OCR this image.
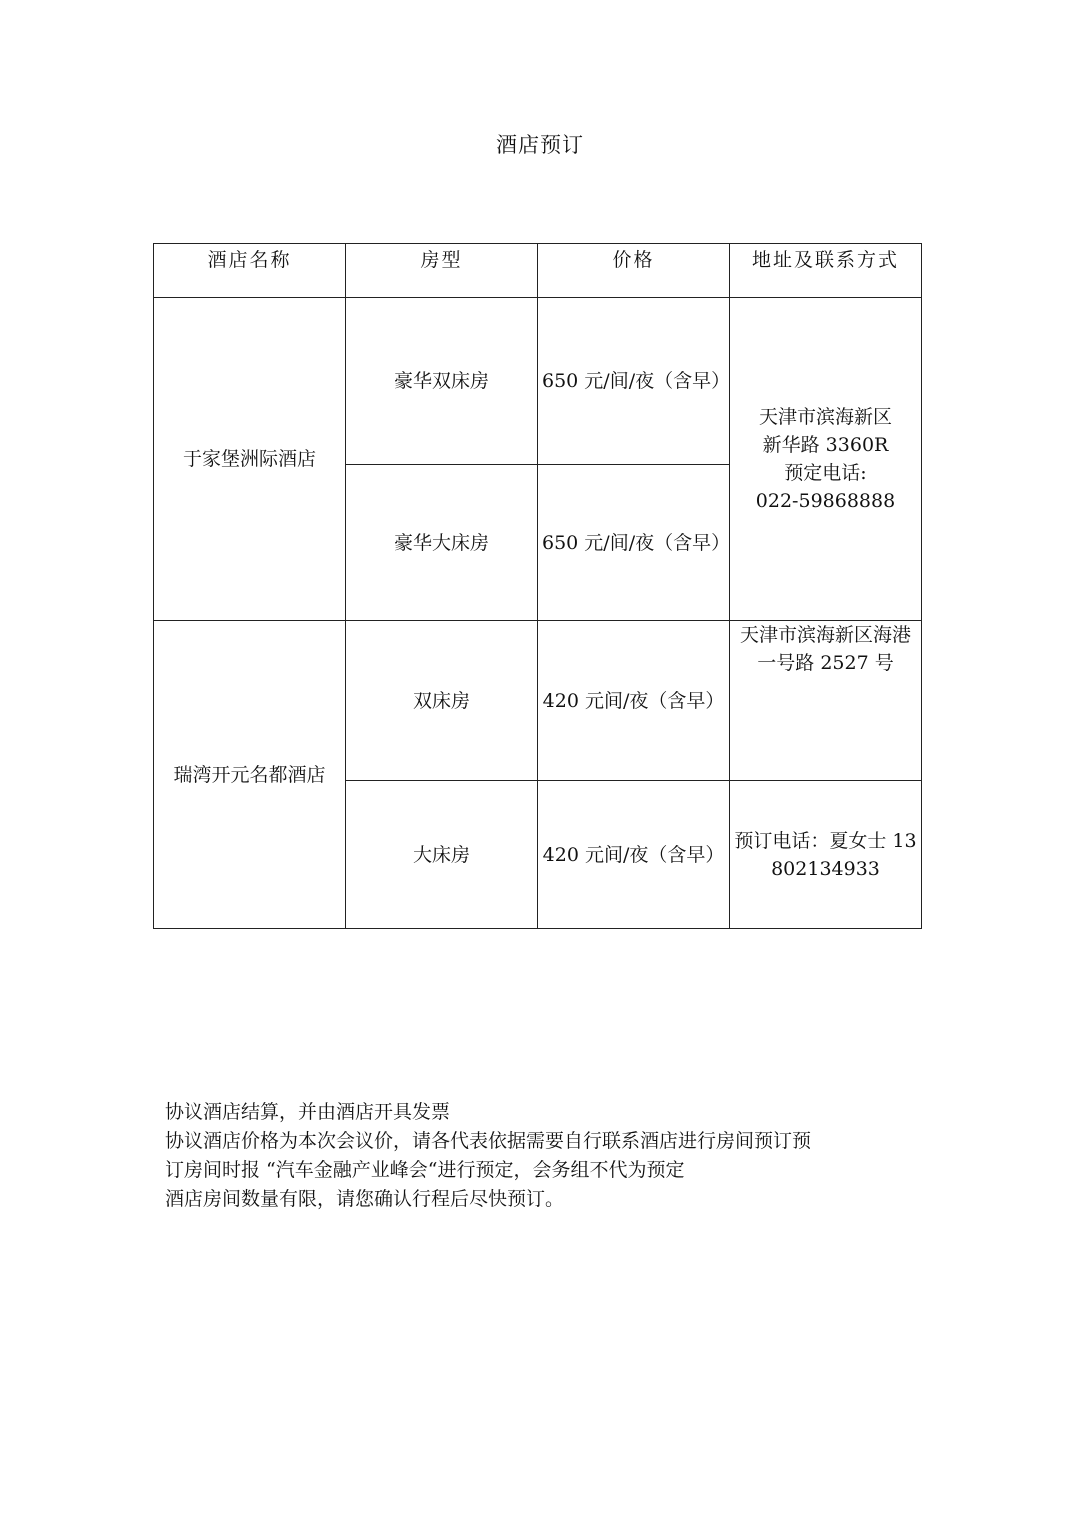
酒店预订
酒店名称	房型	价格	地址及联系方式

于家堡洲际酒店	豪华双床房	650 元/间/夜（含早）	天津市滨海新区
新华路 3360R
预定电话:
022-59868888

	豪华大床房	650 元/间/夜（含早）	

瑞湾开元名都酒店	双床房	420 元间/夜（含早）	天津市滨海新区海港一号路 2527 号

	大床房	420 元间/夜（含早）	预订电话：夏女士 13802134933

协议酒店结算，并由酒店开具发票

协议酒店价格为本次会议价，请各代表依据需要自行联系酒店进行房间预订预

订房间时报 “汽车金融产业峰会“进行预定，会务组不代为预定

酒店房间数量有限，请您确认行程后尽快预订。
